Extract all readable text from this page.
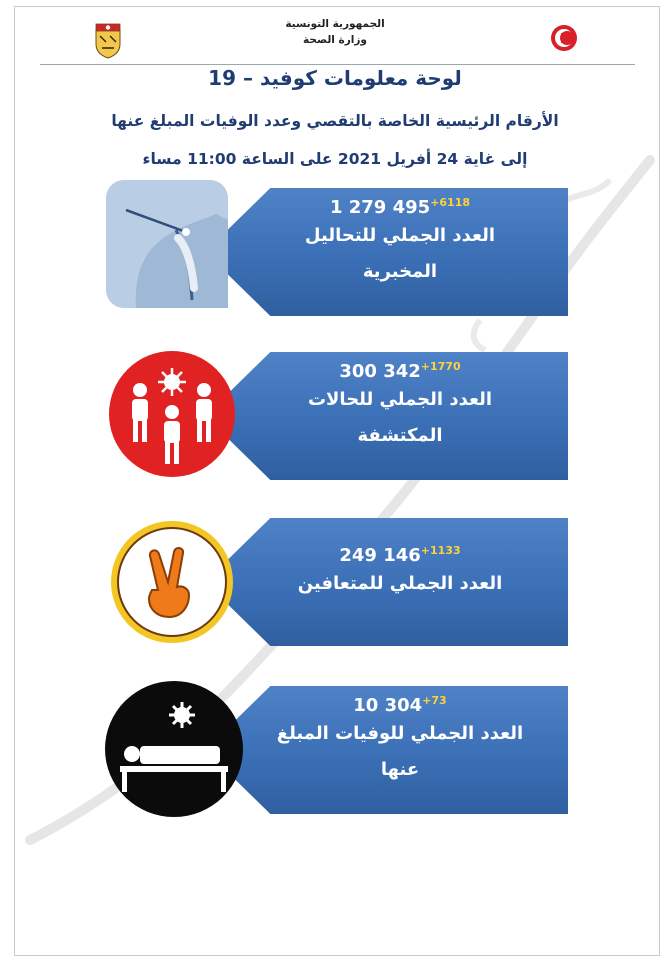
الجمهورية التونسية
وزارة الصحة
لوحة معلومات كوفيد – 19
الأرقام الرئيسية الخاصة بالتقصي وعدد الوفيات المبلغ عنها
إلى غاية 24 أفريل 2021 على الساعة 11:00 مساء
1 279 $495^{+6118}$
العدد الجملي للتحاليل
المخبرية
300 $342^{+1770}$
العدد الجملي للحالات
المكتشفة
249 $146^{+1133}$
العدد الجملي للمتعافين
10 $304^{+73}$
العدد الجملي للوفيات المبلغ
عنها
